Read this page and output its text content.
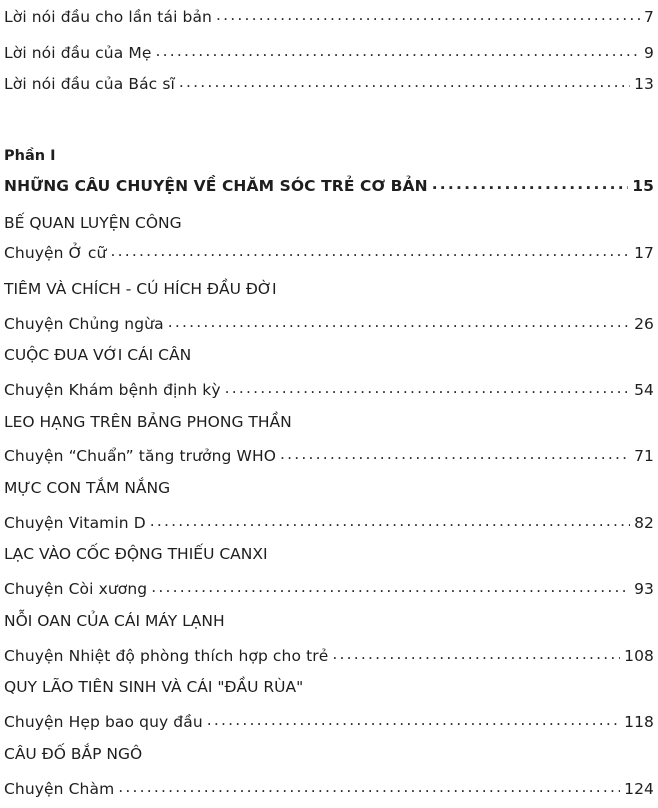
Lời nói đầu cho lần tái bản .....	7
Lời nói đầu của Mẹ .....	9
Lời nói đầu của Bác sĩ .....	13
Phần I
NHỮNG CÂU CHUYỆN VỀ CHĂM SÓC TRẺ CƠ BẢN .....	15
BẾ QUAN LUYỆN CÔNG
Chuyện Ở cữ .....	17
TIÊM VÀ CHÍCH - CÚ HÍCH ĐẦU ĐỜI
Chuyện Chủng ngừa .....	26
CUỘC ĐUA VỚI CÁI CÂN
Chuyện Khám bệnh định kỳ .....	54
LEO HẠNG TRÊN BẢNG PHONG THẦN
Chuyện “Chuẩn” tăng trưởng WHO .....	71
MỰC CON TẮM NẮNG
Chuyện Vitamin D .....	82
LẠC VÀO CỐC ĐỘNG THIẾU CANXI
Chuyện Còi xương .....	93
NỖI OAN CỦA CÁI MÁY LẠNH
Chuyện Nhiệt độ phòng thích hợp cho trẻ .....	108
QUY LÃO TIÊN SINH VÀ CÁI "ĐẦU RÙA"
Chuyện Hẹp bao quy đầu .....	118
CÂU ĐỐ BẮP NGÔ
Chuyện Chàm .....	124
